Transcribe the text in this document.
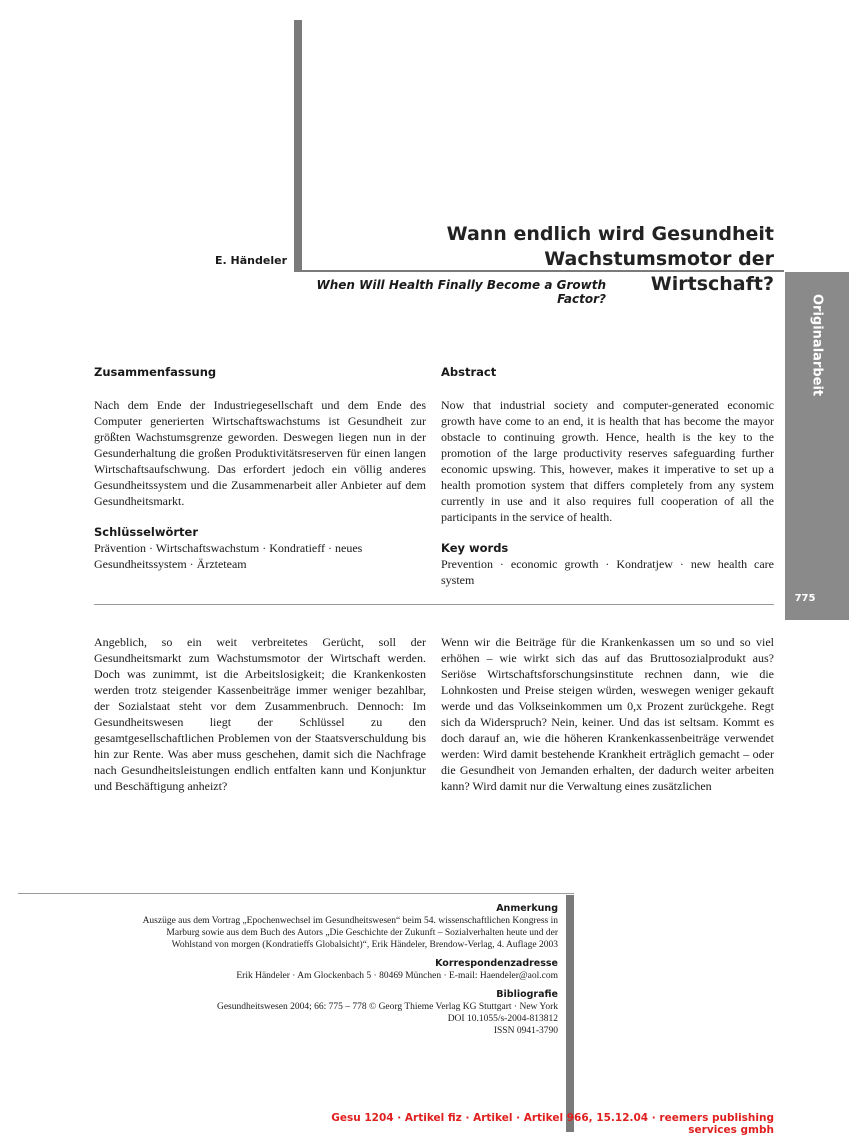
Wann endlich wird Gesundheit
Wachstumsmotor der Wirtschaft?
E. Händeler
When Will Health Finally Become a Growth Factor?	Originalarbeit
775
Zusammenfassung
Nach dem Ende der Industriegesellschaft und dem Ende des Computer generierten Wirtschaftswachstums ist Gesundheit zur größten Wachstumsgrenze geworden. Deswegen liegen nun in der Gesunderhaltung die großen Produktivitätsreserven für einen langen Wirtschaftsaufschwung. Das erfordert jedoch ein völlig anderes Gesundheitssystem und die Zusammenarbeit aller Anbieter auf dem Gesundheitsmarkt.
Schlüsselwörter
Prävention · Wirtschaftswachstum · Kondratieff · neues Gesundheitssystem · Ärzteteam
Abstract
Now that industrial society and computer-generated economic growth have come to an end, it is health that has become the mayor obstacle to continuing growth. Hence, health is the key to the promotion of the large productivity reserves safeguarding further economic upswing. This, however, makes it imperative to set up a health promotion system that differs completely from any system currently in use and it also requires full cooperation of all the participants in the service of health.
Key words
Prevention · economic growth · Kondratjew · new health care system
Angeblich, so ein weit verbreitetes Gerücht, soll der Gesundheitsmarkt zum Wachstumsmotor der Wirtschaft werden. Doch was zunimmt, ist die Arbeitslosigkeit; die Krankenkosten werden trotz steigender Kassenbeiträge immer weniger bezahlbar, der Sozialstaat steht vor dem Zusammenbruch. Dennoch: Im Gesundheitswesen liegt der Schlüssel zu den gesamtgesellschaftlichen Problemen von der Staatsverschuldung bis hin zur Rente. Was aber muss geschehen, damit sich die Nachfrage nach Gesundheitsleistungen endlich entfalten kann und Konjunktur und Beschäftigung anheizt?
Wenn wir die Beiträge für die Krankenkassen um so und so viel erhöhen – wie wirkt sich das auf das Bruttosozialprodukt aus? Seriöse Wirtschaftsforschungsinstitute rechnen dann, wie die Lohnkosten und Preise steigen würden, weswegen weniger gekauft werde und das Volkseinkommen um 0,x Prozent zurückgehe. Regt sich da Widerspruch? Nein, keiner. Und das ist seltsam. Kommt es doch darauf an, wie die höheren Krankenkassenbeiträge verwendet werden: Wird damit bestehende Krankheit erträglich gemacht – oder die Gesundheit von Jemanden erhalten, der dadurch weiter arbeiten kann? Wird damit nur die Verwaltung eines zusätzlichen
Anmerkung
Auszüge aus dem Vortrag „Epochenwechsel im Gesundheitswesen“ beim 54. wissenschaftlichen Kongress in
Marburg sowie aus dem Buch des Autors „Die Geschichte der Zukunft – Sozialverhalten heute und der
Wohlstand von morgen (Kondratieffs Globalsicht)“, Erik Händeler, Brendow-Verlag, 4. Auflage 2003
Korrespondenzadresse
Erik Händeler · Am Glockenbach 5 · 80469 München · E-mail: Haendeler@aol.com
Bibliografie
Gesundheitswesen 2004; 66: 775 – 778 © Georg Thieme Verlag KG Stuttgart · New York
DOI 10.1055/s-2004-813812
ISSN 0941-3790
Gesu 1204 · Artikel fiz · Artikel · Artikel 966, 15.12.04 · reemers publishing services gmbh
